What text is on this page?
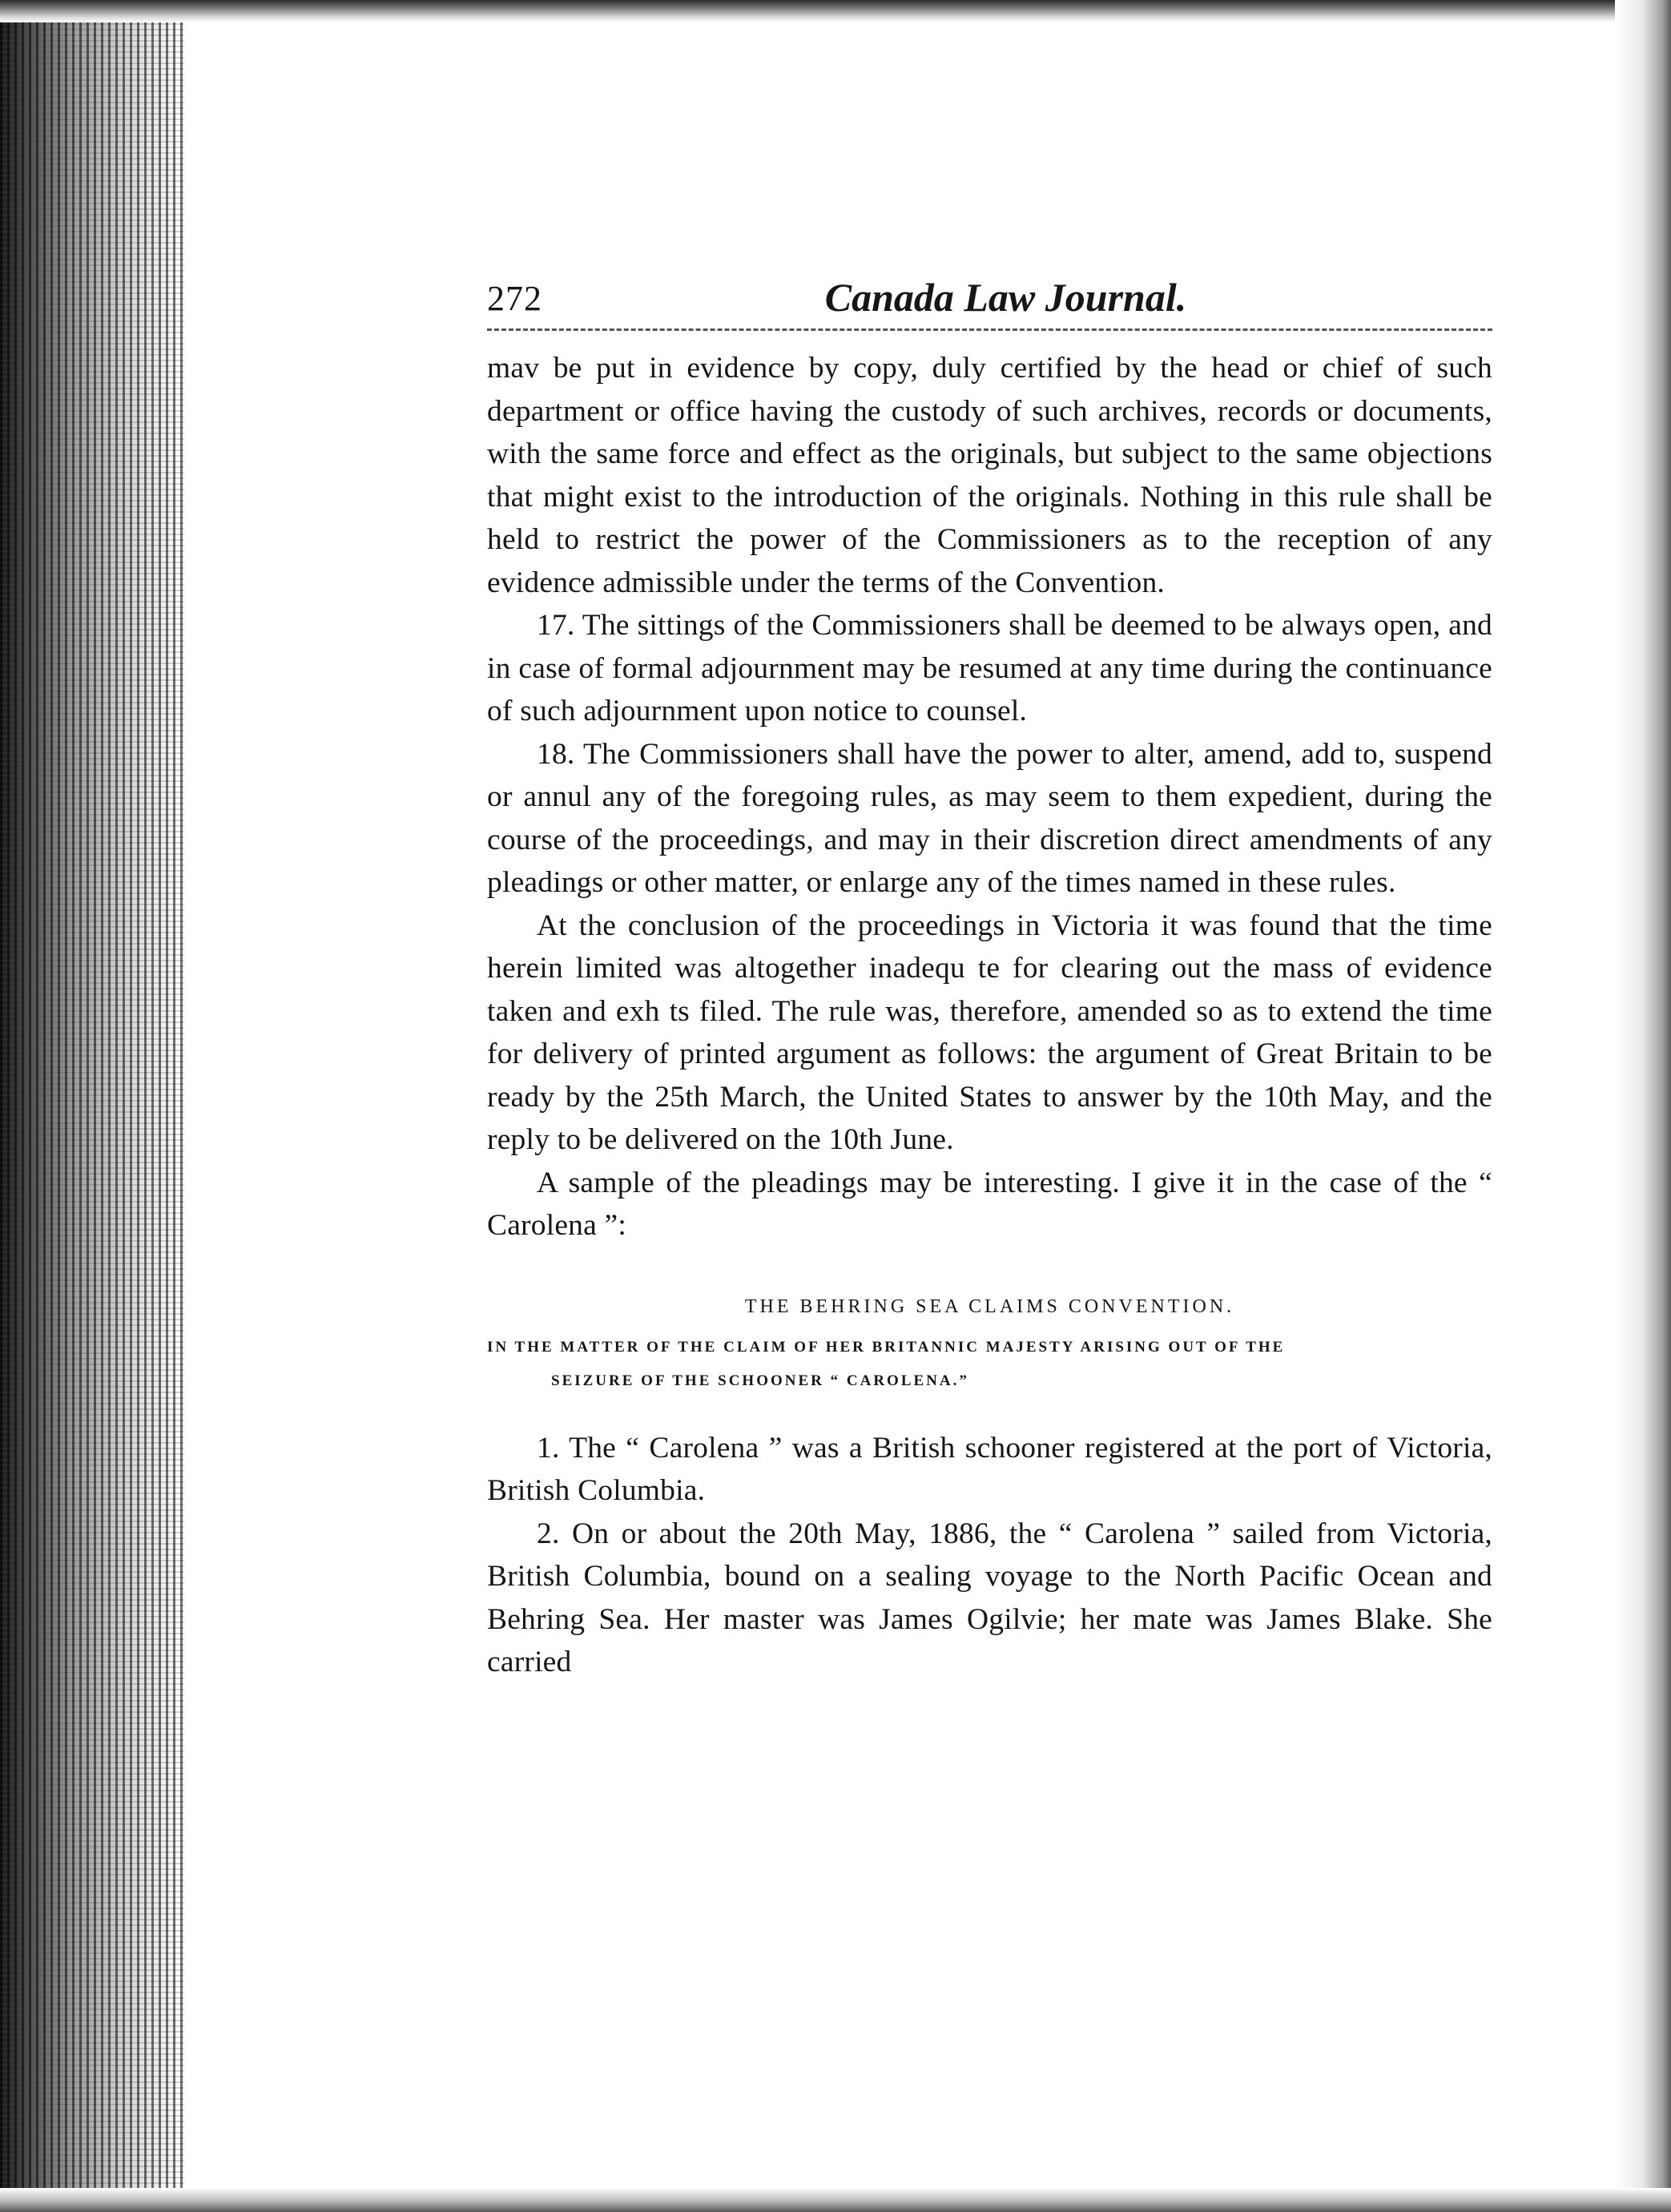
272	Canada Law Journal.

mav be put in evidence by copy, duly certified by the head or chief of such department or office having the custody of such archives, records or documents, with the same force and effect as the originals, but subject to the same objections that might exist to the introduction of the originals. Nothing in this rule shall be held to restrict the power of the Commissioners as to the reception of any evidence admissible under the terms of the Convention.

17. The sittings of the Commissioners shall be deemed to be always open, and in case of formal adjournment may be resumed at any time during the continuance of such adjournment upon notice to counsel.

18. The Commissioners shall have the power to alter, amend, add to, suspend or annul any of the foregoing rules, as may seem to them expedient, during the course of the proceedings, and may in their discretion direct amendments of any pleadings or other matter, or enlarge any of the times named in these rules.

At the conclusion of the proceedings in Victoria it was found that the time herein limited was altogether inadequ te for clearing out the mass of evidence taken and exh ts filed. The rule was, therefore, amended so as to extend the time for delivery of printed argument as follows: the argument of Great Britain to be ready by the 25th March, the United States to answer by the 10th May, and the reply to be delivered on the 10th June.

A sample of the pleadings may be interesting. I give it in the case of the “ Carolena ”:

THE BEHRING SEA CLAIMS CONVENTION.
IN THE MATTER OF THE CLAIM OF HER BRITANNIC MAJESTY ARISING OUT OF THE
SEIZURE OF THE SCHOONER “ CAROLENA.”

1. The “ Carolena ” was a British schooner registered at the port of Victoria, British Columbia.

2. On or about the 20th May, 1886, the “ Carolena ” sailed from Victoria, British Columbia, bound on a sealing voyage to the North Pacific Ocean and Behring Sea. Her master was James Ogilvie; her mate was James Blake. She carried
